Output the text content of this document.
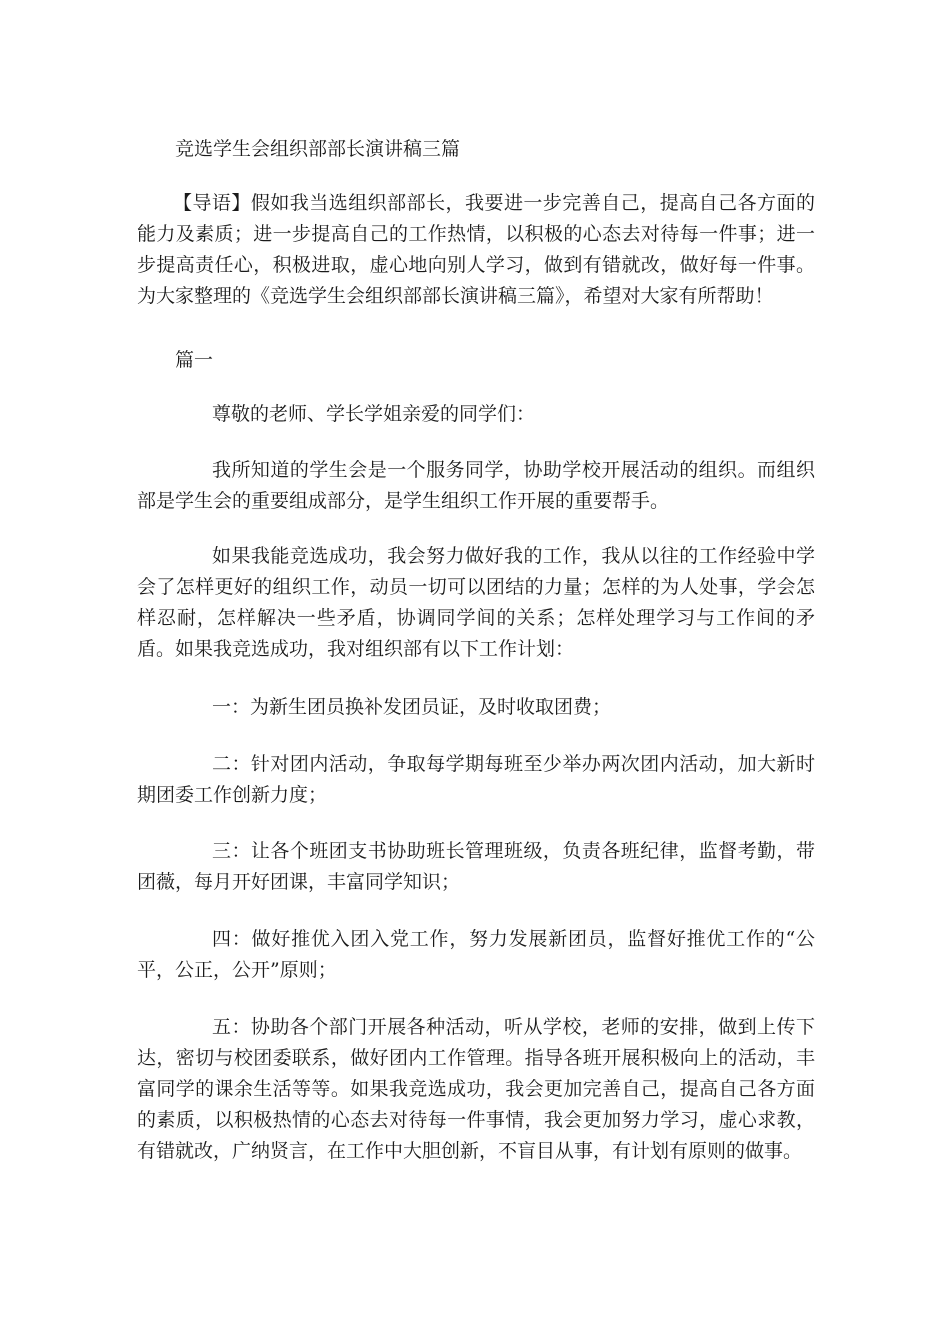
竞选学生会组织部部长演讲稿三篇

【导语】假如我当选组织部部长，我要进一步完善自己，提高自己各方面的能力及素质；进一步提高自己的工作热情，以积极的心态去对待每一件事；进一步提高责任心，积极进取，虚心地向别人学习，做到有错就改，做好每一件事。为大家整理的《竞选学生会组织部部长演讲稿三篇》，希望对大家有所帮助！

篇一

尊敬的老师、学长学姐亲爱的同学们：

我所知道的学生会是一个服务同学，协助学校开展活动的组织。而组织部是学生会的重要组成部分，是学生组织工作开展的重要帮手。

如果我能竞选成功，我会努力做好我的工作，我从以往的工作经验中学会了怎样更好的组织工作，动员一切可以团结的力量；怎样的为人处事，学会怎样忍耐，怎样解决一些矛盾，协调同学间的关系；怎样处理学习与工作间的矛盾。如果我竞选成功，我对组织部有以下工作计划：

一：为新生团员换补发团员证，及时收取团费；

二：针对团内活动，争取每学期每班至少举办两次团内活动，加大新时期团委工作创新力度；

三：让各个班团支书协助班长管理班级，负责各班纪律，监督考勤，带团薇，每月开好团课，丰富同学知识；

四：做好推优入团入党工作，努力发展新团员，监督好推优工作的“公平，公正，公开”原则；

五：协助各个部门开展各种活动，听从学校，老师的安排，做到上传下达，密切与校团委联系，做好团内工作管理。指导各班开展积极向上的活动，丰富同学的课余生活等等。如果我竞选成功，我会更加完善自己，提高自己各方面的素质，以积极热情的心态去对待每一件事情，我会更加努力学习，虚心求教，有错就改，广纳贤言，在工作中大胆创新，不盲目从事，有计划有原则的做事。
